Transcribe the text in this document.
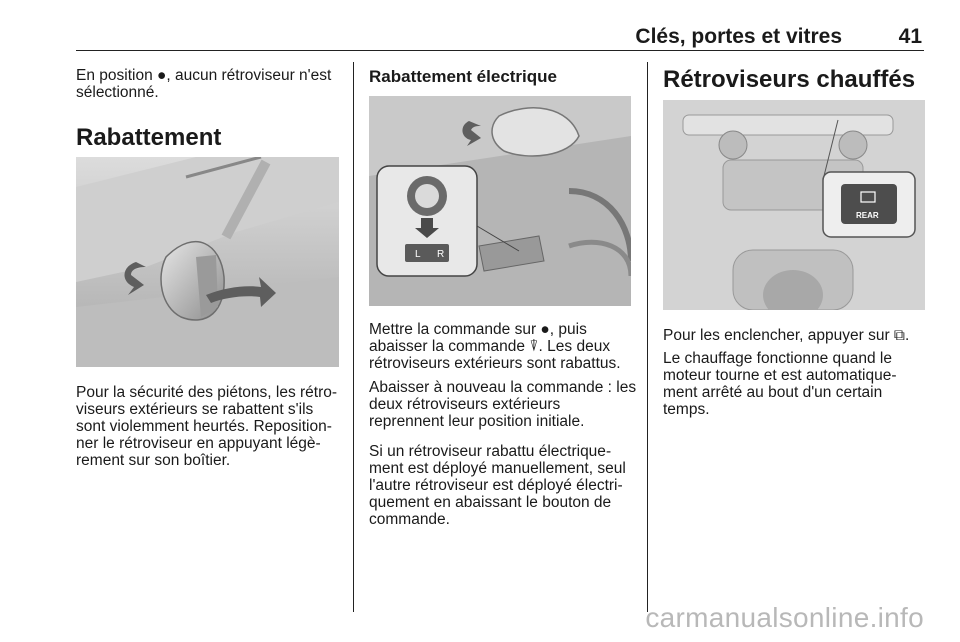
Clés, portes et vitres	41

En position ●, aucun rétroviseur n'est sélectionné.

Rabattement

Pour la sécurité des piétons, les rétroviseurs extérieurs se rabattent s'ils sont violemment heurtés. Repositionner le rétroviseur en appuyant légèrement sur son boîtier.

Rabattement électrique
L R

Mettre la commande sur ●, puis abaisser la commande ⍒. Les deux rétroviseurs extérieurs sont rabattus.

Abaisser à nouveau la commande : les deux rétroviseurs extérieurs reprennent leur position initiale.

Si un rétroviseur rabattu électriquement est déployé manuellement, seul l'autre rétroviseur est déployé électriquement en abaissant le bouton de commande.

Rétroviseurs chauffés
REAR

Pour les enclencher, appuyer sur ⧉.

Le chauffage fonctionne quand le moteur tourne et est automatiquement arrêté au bout d'un certain temps.

carmanualsonline.info
